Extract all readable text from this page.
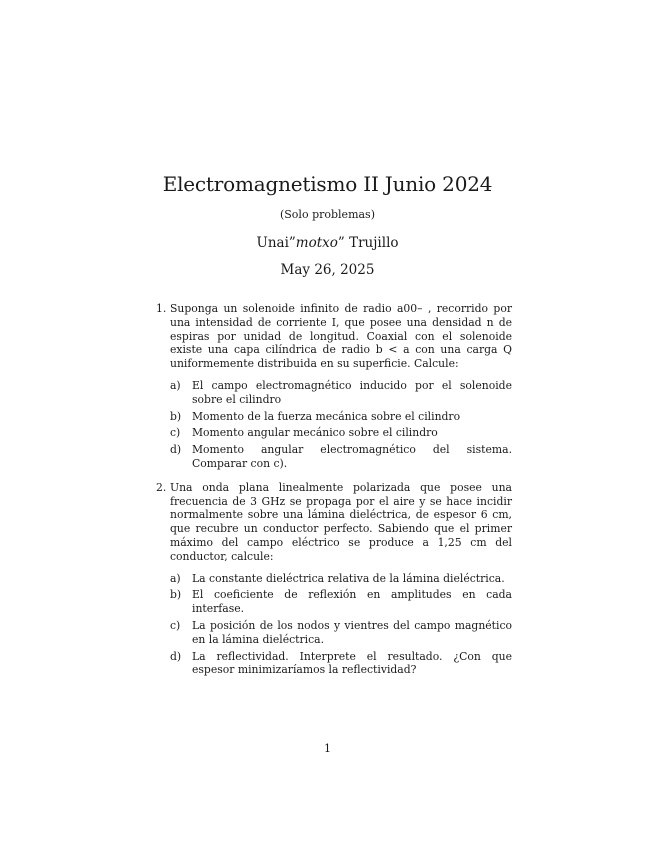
Electromagnetismo II Junio 2024
(Solo problemas)
Unai”motxo” Trujillo
May 26, 2025
1. Suponga un solenoide infinito de radio a00– , recorrido por una intensidad de corriente I, que posee una densidad n de espiras por unidad de longitud. Coaxial con el solenoide existe una capa cilíndrica de radio b < a con una carga Q uniformemente distribuida en su superficie. Calcule:
a) El campo electromagnético inducido por el solenoide sobre el cilindro
b) Momento de la fuerza mecánica sobre el cilindro
c) Momento angular mecánico sobre el cilindro
d) Momento angular electromagnético del sistema. Comparar con c).
2. Una onda plana linealmente polarizada que posee una frecuencia de 3 GHz se propaga por el aire y se hace incidir normalmente sobre una lámina dieléctrica, de espesor 6 cm, que recubre un conductor perfecto. Sabiendo que el primer máximo del campo eléctrico se produce a 1,25 cm del conductor, calcule:
a) La constante dieléctrica relativa de la lámina dieléctrica.
b) El coeficiente de reflexión en amplitudes en cada interfase.
c) La posición de los nodos y vientres del campo magnético en la lámina dieléctrica.
d) La reflectividad. Interprete el resultado. ¿Con que espesor minimizaríamos la reflectividad?
1
